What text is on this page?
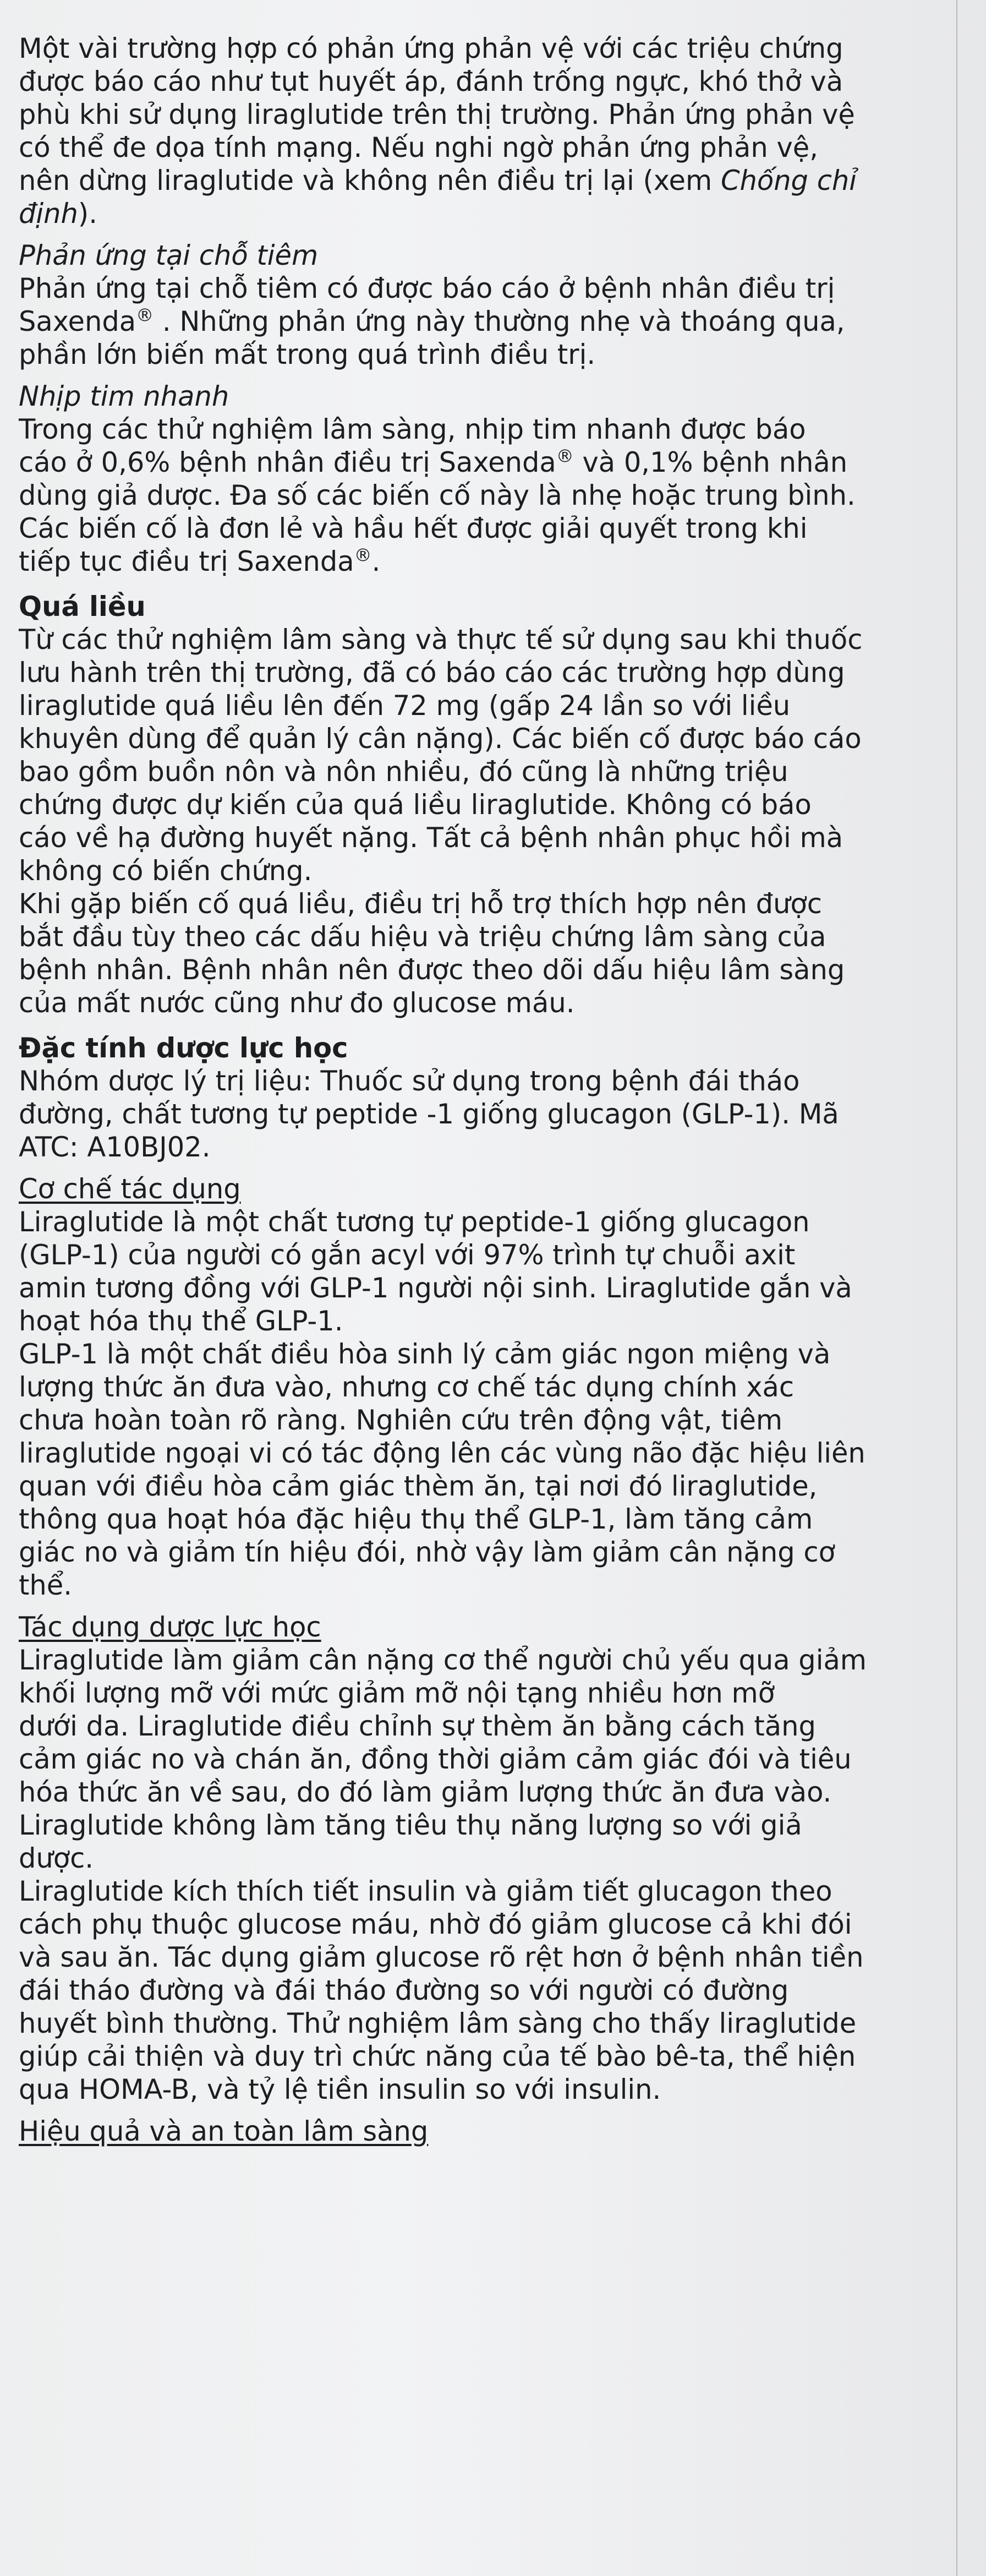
Một vài trường hợp có phản ứng phản vệ với các triệu chứng
được báo cáo như tụt huyết áp, đánh trống ngực, khó thở và
phù khi sử dụng liraglutide trên thị trường. Phản ứng phản vệ
có thể đe dọa tính mạng. Nếu nghi ngờ phản ứng phản vệ,
nên dừng liraglutide và không nên điều trị lại (xem Chống chỉ
định).

Phản ứng tại chỗ tiêm

Phản ứng tại chỗ tiêm có được báo cáo ở bệnh nhân điều trị
Saxenda® . Những phản ứng này thường nhẹ và thoáng qua,
phần lớn biến mất trong quá trình điều trị.

Nhịp tim nhanh

Trong các thử nghiệm lâm sàng, nhịp tim nhanh được báo
cáo ở 0,6% bệnh nhân điều trị Saxenda® và 0,1% bệnh nhân
dùng giả dược. Đa số các biến cố này là nhẹ hoặc trung bình.
Các biến cố là đơn lẻ và hầu hết được giải quyết trong khi
tiếp tục điều trị Saxenda®.

Quá liều

Từ các thử nghiệm lâm sàng và thực tế sử dụng sau khi thuốc
lưu hành trên thị trường, đã có báo cáo các trường hợp dùng
liraglutide quá liều lên đến 72 mg (gấp 24 lần so với liều
khuyên dùng để quản lý cân nặng). Các biến cố được báo cáo
bao gồm buồn nôn và nôn nhiều, đó cũng là những triệu
chứng được dự kiến của quá liều liraglutide. Không có báo
cáo về hạ đường huyết nặng. Tất cả bệnh nhân phục hồi mà
không có biến chứng.
Khi gặp biến cố quá liều, điều trị hỗ trợ thích hợp nên được
bắt đầu tùy theo các dấu hiệu và triệu chứng lâm sàng của
bệnh nhân. Bệnh nhân nên được theo dõi dấu hiệu lâm sàng
của mất nước cũng như đo glucose máu.

Đặc tính dược lực học

Nhóm dược lý trị liệu: Thuốc sử dụng trong bệnh đái tháo
đường, chất tương tự peptide -1 giống glucagon (GLP-1). Mã
ATC: A10BJ02.

Cơ chế tác dụng

Liraglutide là một chất tương tự peptide-1 giống glucagon
(GLP-1) của người có gắn acyl với 97% trình tự chuỗi axit
amin tương đồng với GLP-1 người nội sinh. Liraglutide gắn và
hoạt hóa thụ thể GLP-1.
GLP-1 là một chất điều hòa sinh lý cảm giác ngon miệng và
lượng thức ăn đưa vào, nhưng cơ chế tác dụng chính xác
chưa hoàn toàn rõ ràng. Nghiên cứu trên động vật, tiêm
liraglutide ngoại vi có tác động lên các vùng não đặc hiệu liên
quan với điều hòa cảm giác thèm ăn, tại nơi đó liraglutide,
thông qua hoạt hóa đặc hiệu thụ thể GLP-1, làm tăng cảm
giác no và giảm tín hiệu đói, nhờ vậy làm giảm cân nặng cơ
thể.

Tác dụng dược lực học

Liraglutide làm giảm cân nặng cơ thể người chủ yếu qua giảm
khối lượng mỡ với mức giảm mỡ nội tạng nhiều hơn mỡ
dưới da. Liraglutide điều chỉnh sự thèm ăn bằng cách tăng
cảm giác no và chán ăn, đồng thời giảm cảm giác đói và tiêu
hóa thức ăn về sau, do đó làm giảm lượng thức ăn đưa vào.
Liraglutide không làm tăng tiêu thụ năng lượng so với giả
dược.
Liraglutide kích thích tiết insulin và giảm tiết glucagon theo
cách phụ thuộc glucose máu, nhờ đó giảm glucose cả khi đói
và sau ăn. Tác dụng giảm glucose rõ rệt hơn ở bệnh nhân tiền
đái tháo đường và đái tháo đường so với người có đường
huyết bình thường. Thử nghiệm lâm sàng cho thấy liraglutide
giúp cải thiện và duy trì chức năng của tế bào bê-ta, thể hiện
qua HOMA-B, và tỷ lệ tiền insulin so với insulin.

Hiệu quả và an toàn lâm sàng
